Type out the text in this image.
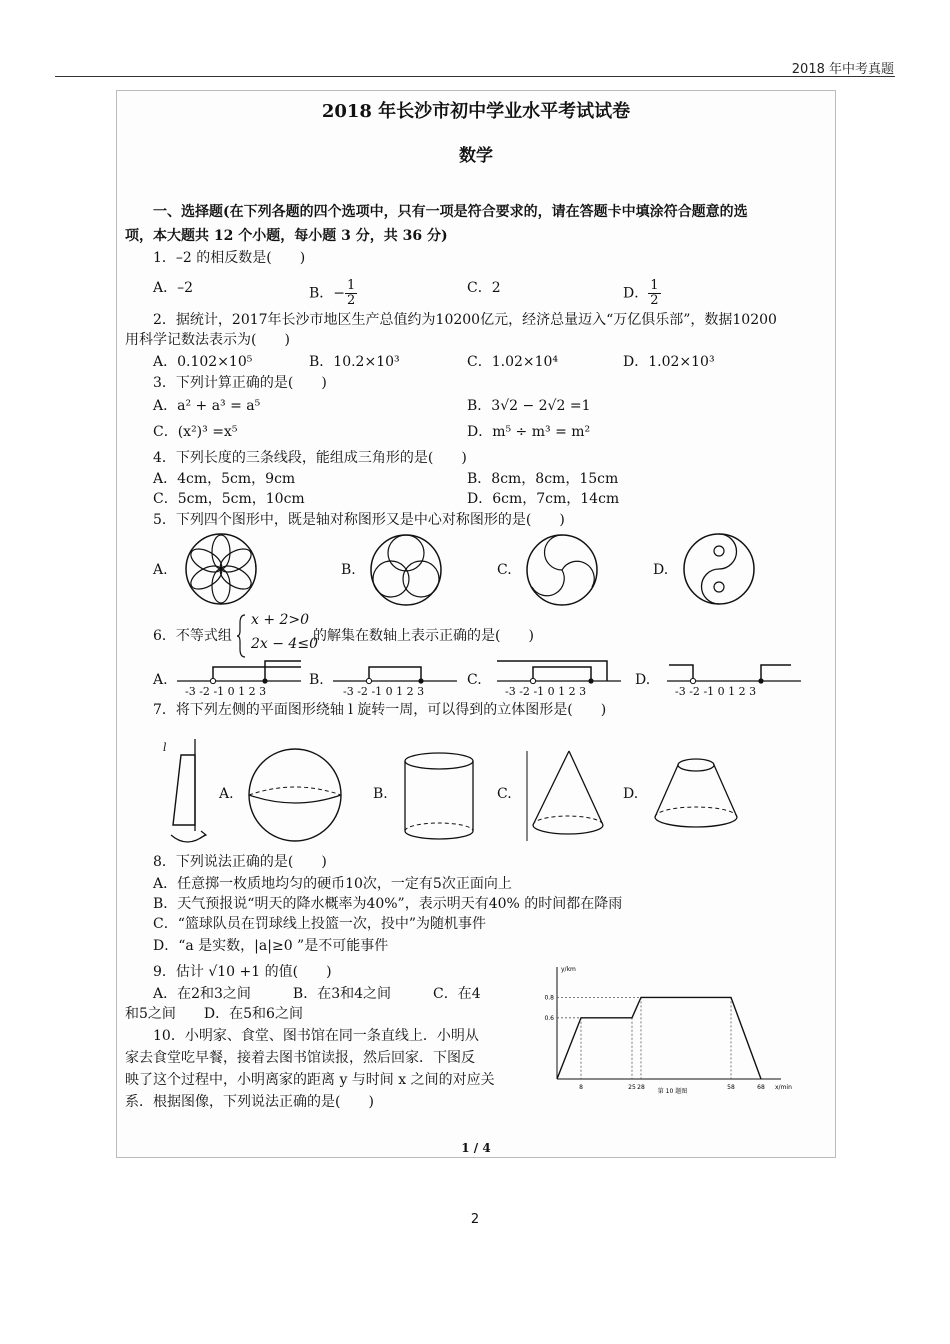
2018 年中考真题
2018 年长沙市初中学业水平考试试卷
数学
一、选择题(在下列各题的四个选项中，只有一项是符合要求的，请在答题卡中填涂符合题意的选
项，本大题共 12 个小题，每小题 3 分，共 36 分)
1．–2 的相反数是(　　)
A．–2	B．− $\frac{1}{2}$	C．2	D． $\frac{1}{2}$
2．据统计，2017年长沙市地区生产总值约为10200亿元，经济总量迈入“万亿俱乐部”，数据10200
用科学记数法表示为(　　)
A．0.102×10⁵	B．10.2×10³	C．1.02×10⁴	D．1.02×10³
3．下列计算正确的是(　　)
A．a² + a³ = a⁵	B．3√2 − 2√2 =1
C．(x²)³ =x⁵	D．m⁵ ÷ m³ = m²
4．下列长度的三条线段，能组成三角形的是(　　)
A．4cm，5cm，9cm	B．8cm，8cm，15cm
C．5cm，5cm，10cm	D．6cm，7cm，14cm
5．下列四个图形中，既是轴对称图形又是中心对称图形的是(　　)
A.	B.	C.	D.
6．不等式组
x + 2>0
2x − 4≤0
的解集在数轴上表示正确的是(　　)
A.	B.	C.	D.
-3 -2 -1 0 1 2 3	-3 -2 -1 0 1 2 3	-3 -2 -1 0 1 2 3	-3 -2 -1 0 1 2 3
7．将下列左侧的平面图形绕轴 l 旋转一周，可以得到的立体图形是(　　)
l
A.	B.	C.	D.
8．下列说法正确的是(　　)
A．任意掷一枚质地均匀的硬币10次，一定有5次正面向上
B．天气预报说“明天的降水概率为40%”，表示明天有40% 的时间都在降雨
C．“篮球队员在罚球线上投篮一次，投中”为随机事件
D．“a 是实数，|a|≥0 ”是不可能事件
9．估计 √10 +1 的值(　　)
A．在2和3之间　　　B．在3和4之间　　　C．在4
和5之间　　D．在5和6之间
10．小明家、食堂、图书馆在同一条直线上．小明从
家去食堂吃早餐，接着去图书馆读报，然后回家．下图反
映了这个过程中，小明离家的距离 y 与时间 x 之间的对应关
系．根据图像，下列说法正确的是(　　)
8	25 28	58	68
0.6
0.8
x/min
y/km
第 10 题图
1 / 4
2
